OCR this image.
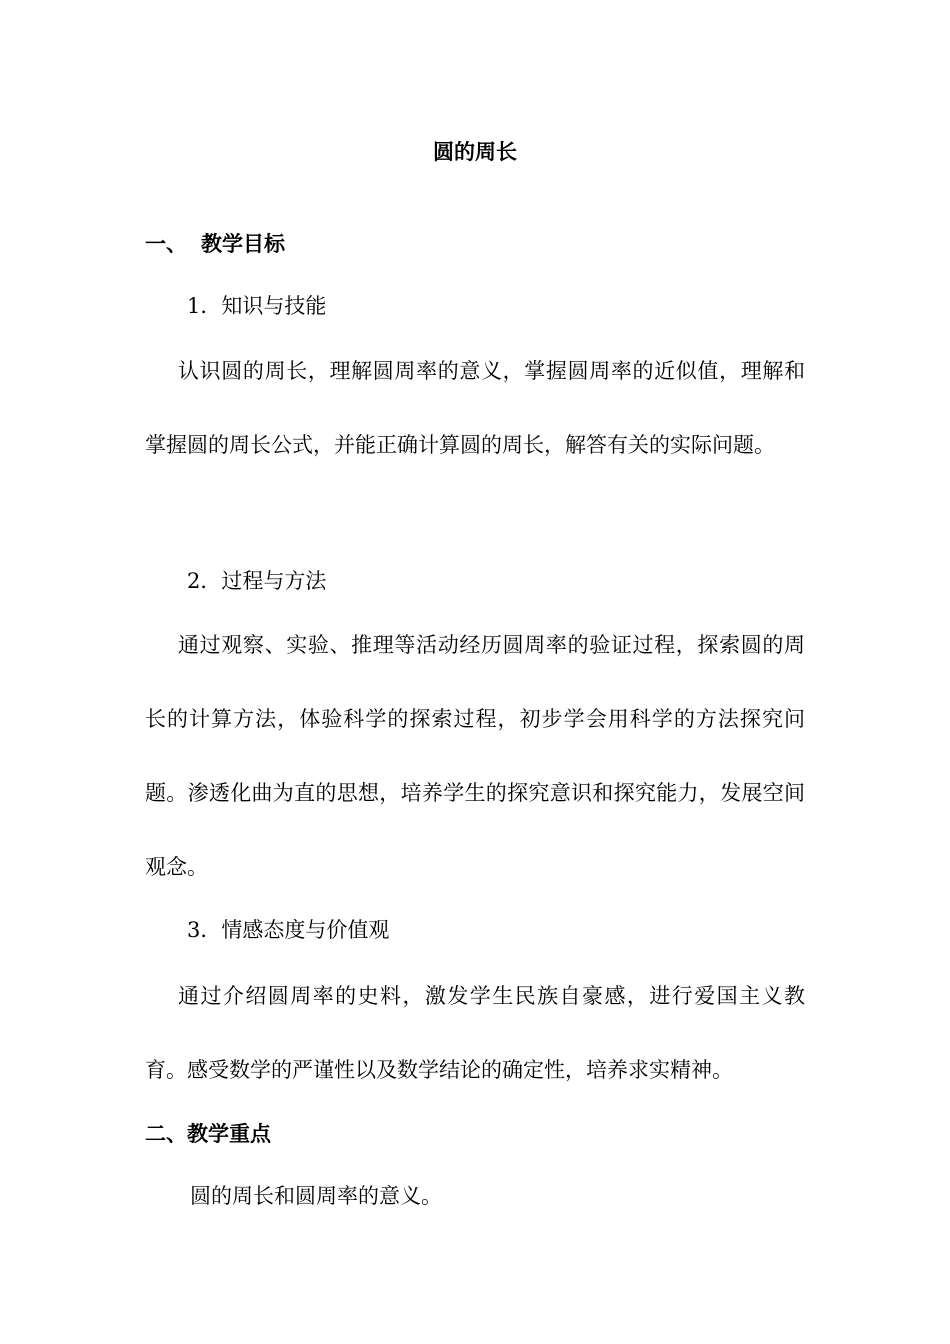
圆的周长
一、 教学目标
1．知识与技能

认识圆的周长，理解圆周率的意义，掌握圆周率的近似值，理解和掌握圆的周长公式，并能正确计算圆的周长，解答有关的实际问题。

2．过程与方法

通过观察、实验、推理等活动经历圆周率的验证过程，探索圆的周长的计算方法，体验科学的探索过程，初步学会用科学的方法探究问题。渗透化曲为直的思想，培养学生的探究意识和探究能力，发展空间观念。

3．情感态度与价值观

通过介绍圆周率的史料，激发学生民族自豪感，进行爱国主义教育。感受数学的严谨性以及数学结论的确定性，培养求实精神。

二、教学重点
圆的周长和圆周率的意义。
